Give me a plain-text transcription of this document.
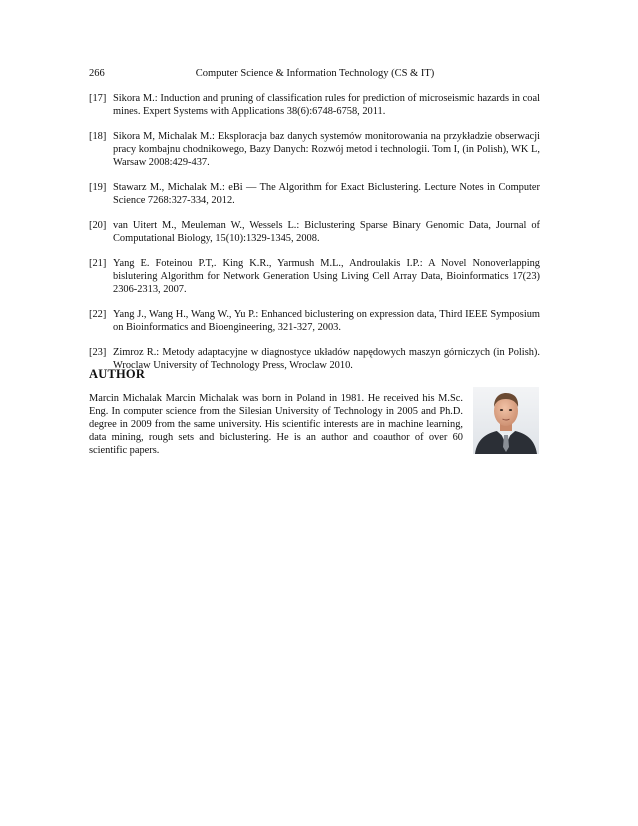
266	Computer Science & Information Technology (CS & IT)
[17] Sikora M.: Induction and pruning of classification rules for prediction of microseismic hazards in coal mines. Expert Systems with Applications 38(6):6748-6758, 2011.
[18] Sikora M, Michalak M.: Eksploracja baz danych systemów monitorowania na przykładzie obserwacji pracy kombajnu chodnikowego, Bazy Danych: Rozwój metod i technologii. Tom I, (in Polish), WK L, Warsaw 2008:429-437.
[19] Stawarz M., Michalak M.: eBi — The Algorithm for Exact Biclustering. Lecture Notes in Computer Science 7268:327-334, 2012.
[20] van Uitert M., Meuleman W., Wessels L.: Biclustering Sparse Binary Genomic Data, Journal of Computational Biology, 15(10):1329-1345, 2008.
[21] Yang E. Foteinou P.T,. King K.R., Yarmush M.L., Androulakis I.P.: A Novel Nonoverlapping bislutering Algorithm for Network Generation Using Living Cell Array Data, Bioinformatics 17(23) 2306-2313, 2007.
[22] Yang J., Wang H., Wang W., Yu P.: Enhanced biclustering on expression data, Third IEEE Symposium on Bioinformatics and Bioengineering, 321-327, 2003.
[23] Zimroz R.: Metody adaptacyjne w diagnostyce układów napędowych maszyn górniczych (in Polish). Wroclaw University of Technology Press, Wroclaw 2010.
AUTHOR
Marcin Michalak Marcin Michalak was born in Poland in 1981. He received his M.Sc. Eng. In computer science from the Silesian University of Technology in 2005 and Ph.D. degree in 2009 from the same university. His scientific interests are in machine learning, data mining, rough sets and biclustering. He is an author and coauthor of over 60 scientific papers.
